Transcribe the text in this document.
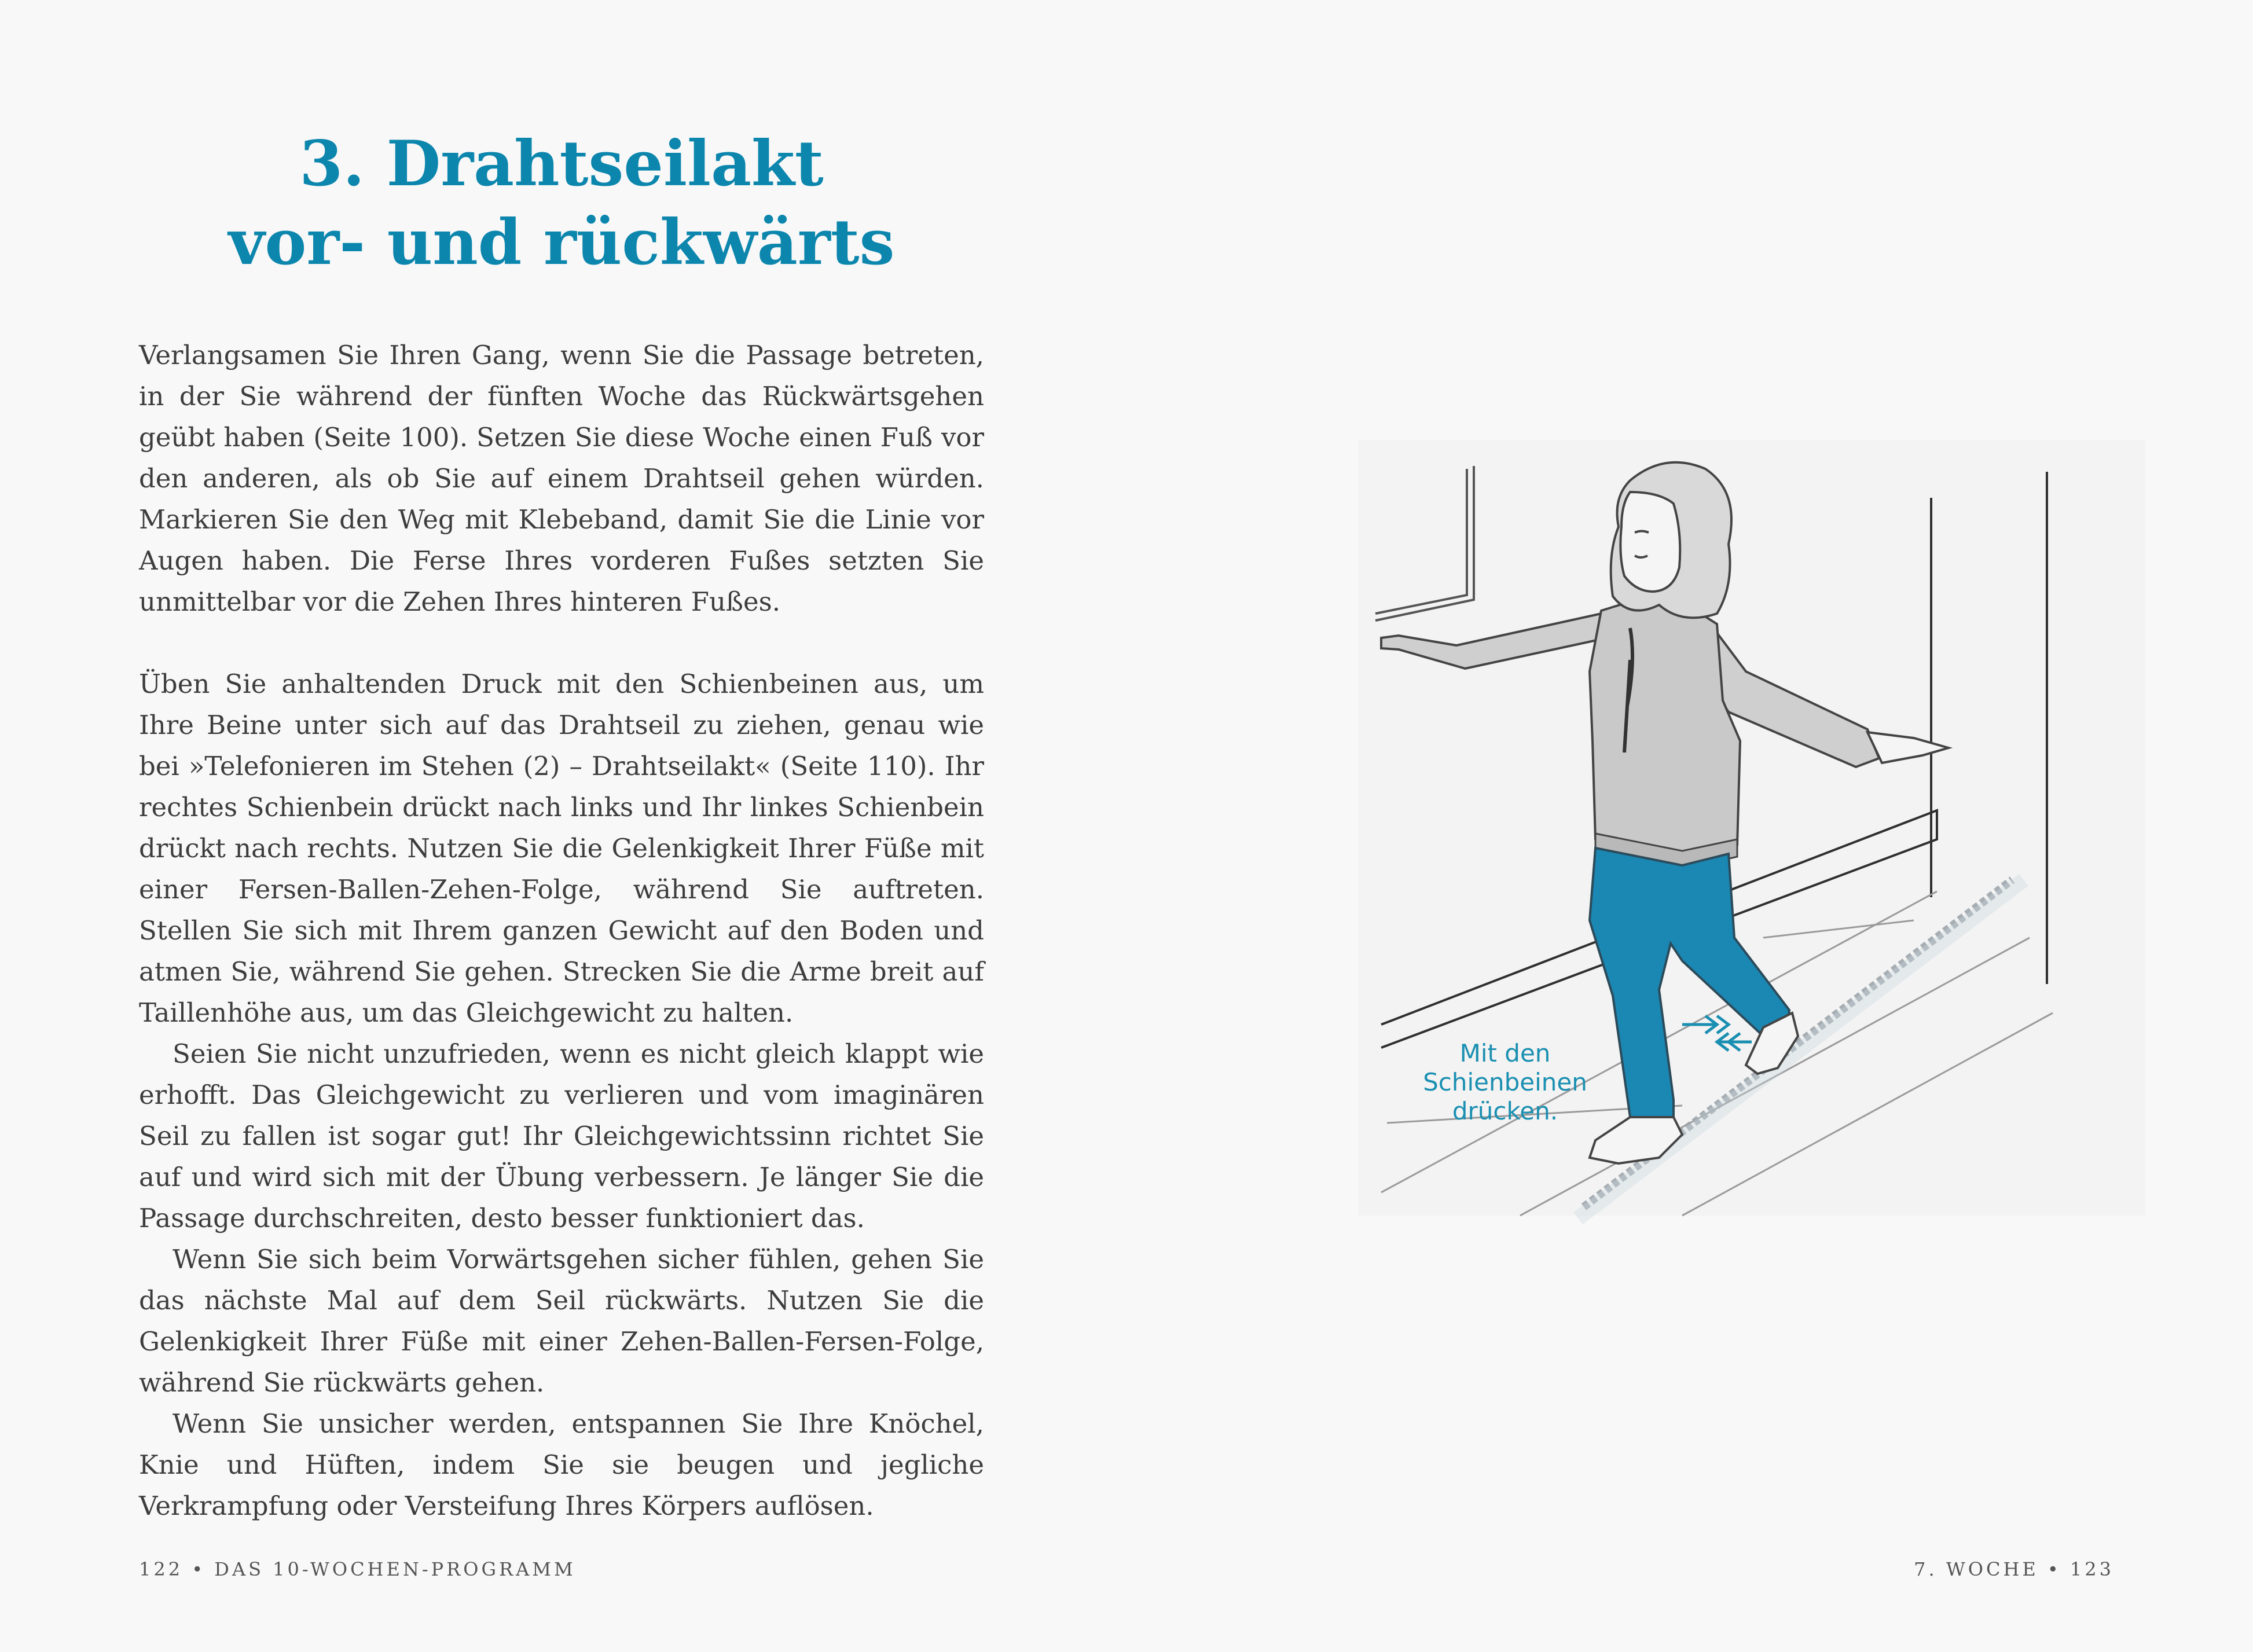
3. Drahtseilakt
vor- und rückwärts

Verlangsamen Sie Ihren Gang, wenn Sie die Passage betreten, in der Sie während der fünften Woche das Rückwärtsgehen geübt haben (Seite 100). Setzen Sie diese Woche einen Fuß vor den anderen, als ob Sie auf einem Drahtseil gehen würden. Markieren Sie den Weg mit Klebeband, damit Sie die Linie vor Augen haben. Die Ferse Ihres vorderen Fußes setzten Sie unmittelbar vor die Zehen Ihres hinteren Fußes.

Üben Sie anhaltenden Druck mit den Schienbeinen aus, um Ihre Beine unter sich auf das Drahtseil zu ziehen, genau wie bei »Telefonieren im Stehen (2) – Drahtseilakt« (Seite 110). Ihr rechtes Schienbein drückt nach links und Ihr linkes Schienbein drückt nach rechts. Nutzen Sie die Gelenkigkeit Ihrer Füße mit einer Fersen-Ballen-Zehen-Folge, während Sie auftreten. Stellen Sie sich mit Ihrem ganzen Gewicht auf den Boden und atmen Sie, während Sie gehen. Strecken Sie die Arme breit auf Taillenhöhe aus, um das Gleichgewicht zu halten.

Seien Sie nicht unzufrieden, wenn es nicht gleich klappt wie erhofft. Das Gleichgewicht zu verlieren und vom imaginären Seil zu fallen ist sogar gut! Ihr Gleichgewichtssinn richtet Sie auf und wird sich mit der Übung verbessern. Je länger Sie die Passage durchschreiten, desto besser funktioniert das.

Wenn Sie sich beim Vorwärtsgehen sicher fühlen, gehen Sie das nächste Mal auf dem Seil rückwärts. Nutzen Sie die Gelenkigkeit Ihrer Füße mit einer Zehen-Ballen-Fersen-Folge, während Sie rückwärts gehen.

Wenn Sie unsicher werden, entspannen Sie Ihre Knöchel, Knie und Hüften, indem Sie sie beugen und jegliche Verkrampfung oder Versteifung Ihres Körpers auflösen.

122 • DAS 10-WOCHEN-PROGRAMM	7. WOCHE • 123
Mit den
Schienbeinen
drücken.
